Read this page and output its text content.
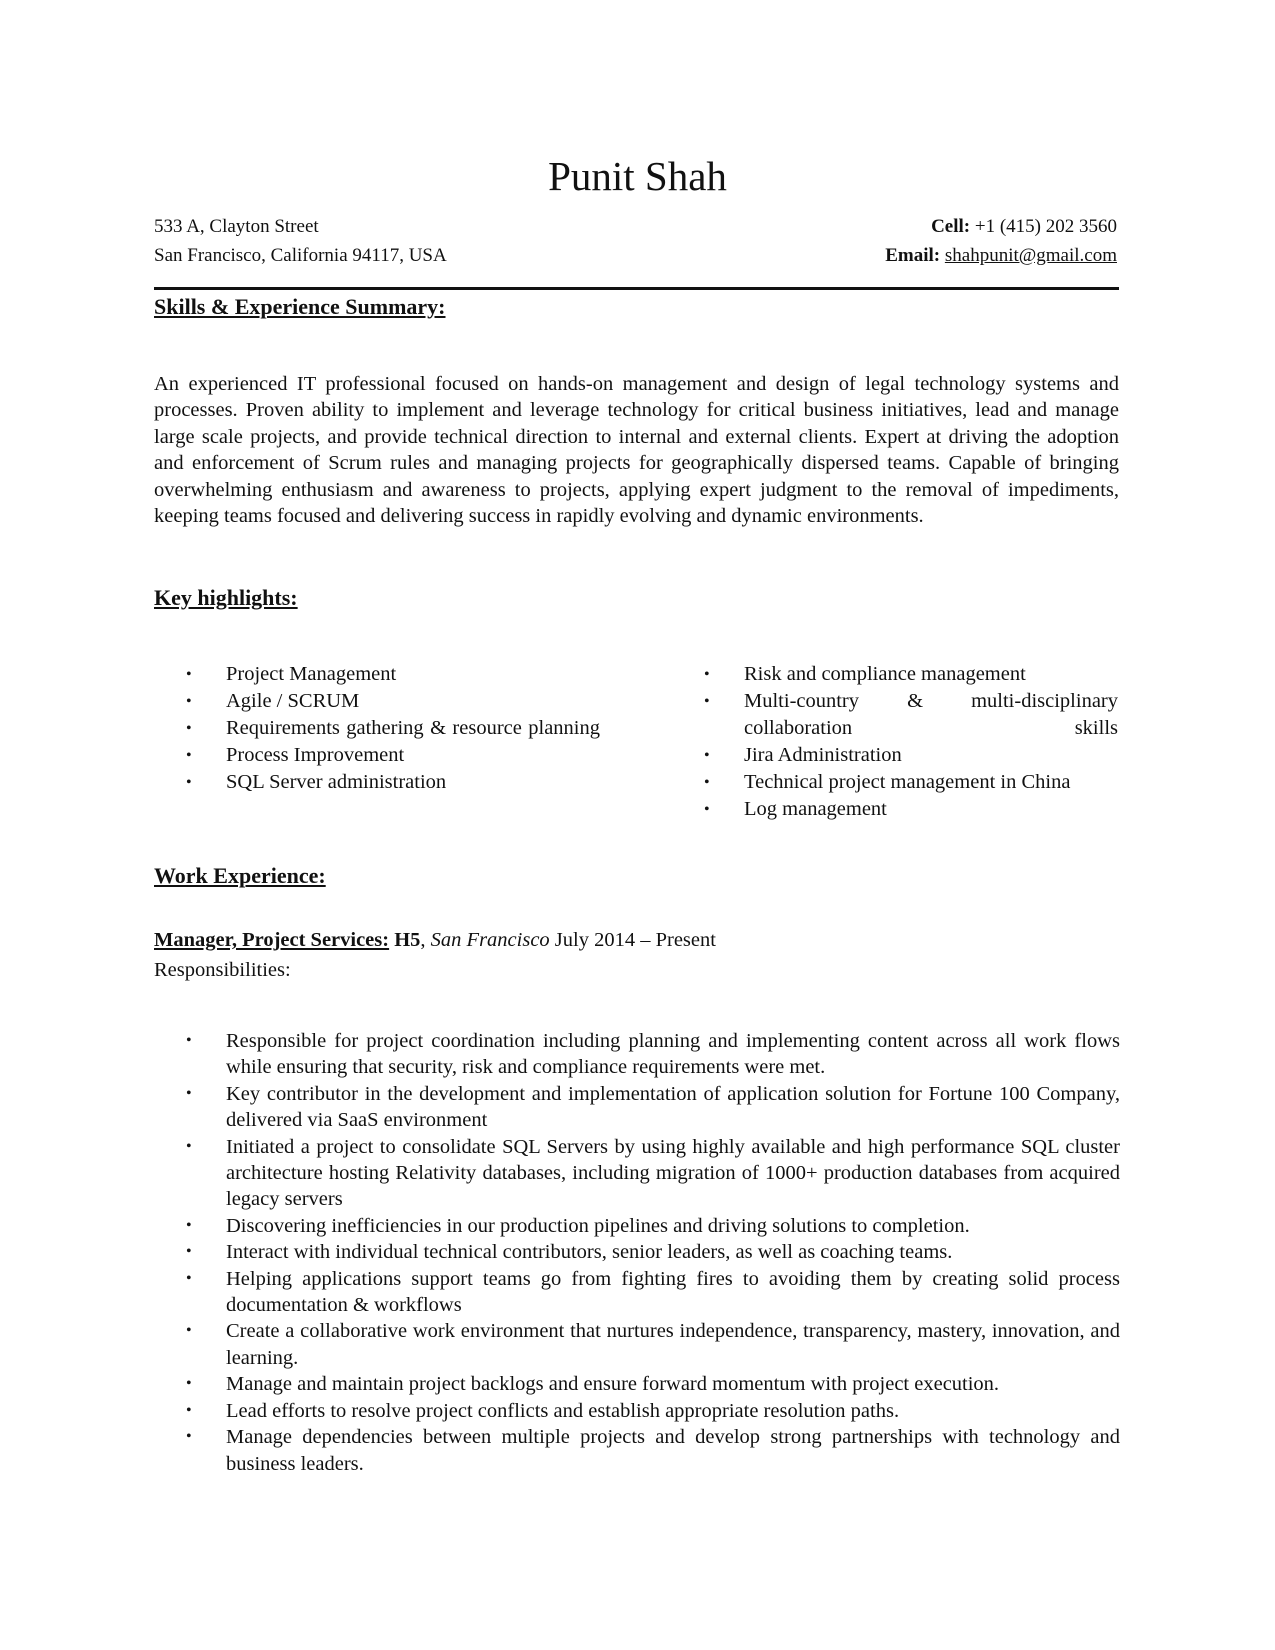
Punit Shah
533 A, Clayton Street
San Francisco, California 94117, USA
Cell: +1 (415) 202 3560
Email: shahpunit@gmail.com
Skills & Experience Summary:
An experienced IT professional focused on hands-on management and design of legal technology systems and processes. Proven ability to implement and leverage technology for critical business initiatives, lead and manage large scale projects, and provide technical direction to internal and external clients. Expert at driving the adoption and enforcement of Scrum rules and managing projects for geographically dispersed teams. Capable of bringing overwhelming enthusiasm and awareness to projects, applying expert judgment to the removal of impediments, keeping teams focused and delivering success in rapidly evolving and dynamic environments.
Key highlights:
• Project Management
• Agile / SCRUM
• Requirements gathering & resource planning
• Process Improvement
• SQL Server administration
• Risk and compliance management
• Multi-country & multi-disciplinary collaboration skills
• Jira Administration
• Technical project management in China
• Log management
Work Experience:
Manager, Project Services: H5, San Francisco July 2014 – Present
Responsibilities:
• Responsible for project coordination including planning and implementing content across all work flows while ensuring that security, risk and compliance requirements were met.
• Key contributor in the development and implementation of application solution for Fortune 100 Company, delivered via SaaS environment
• Initiated a project to consolidate SQL Servers by using highly available and high performance SQL cluster architecture hosting Relativity databases, including migration of 1000+ production databases from acquired legacy servers
• Discovering inefficiencies in our production pipelines and driving solutions to completion.
• Interact with individual technical contributors, senior leaders, as well as coaching teams.
• Helping applications support teams go from fighting fires to avoiding them by creating solid process documentation & workflows
• Create a collaborative work environment that nurtures independence, transparency, mastery, innovation, and learning.
• Manage and maintain project backlogs and ensure forward momentum with project execution.
• Lead efforts to resolve project conflicts and establish appropriate resolution paths.
• Manage dependencies between multiple projects and develop strong partnerships with technology and business leaders.
